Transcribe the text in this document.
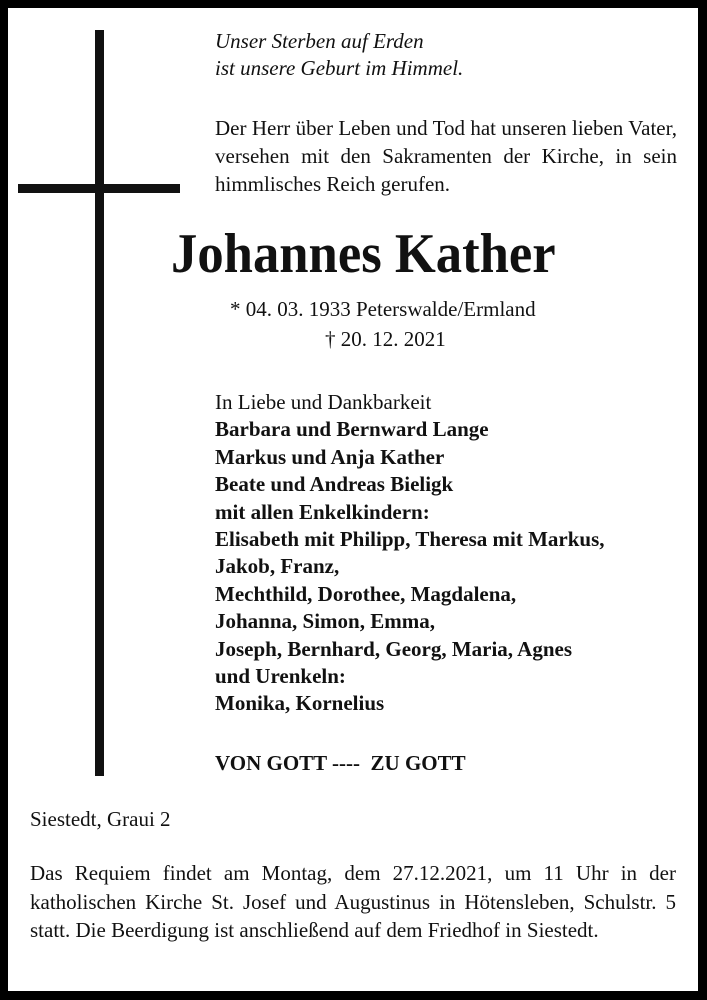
Unser Sterben auf Erden
ist unsere Geburt im Himmel.
Der Herr über Leben und Tod hat unseren lieben Vater, versehen mit den Sakramenten der Kirche, in sein himmlisches Reich gerufen.
Johannes Kather
* 04. 03. 1933 Peterswalde/Ermland
† 20. 12. 2021
In Liebe und Dankbarkeit
Barbara und Bernward Lange
Markus und Anja Kather
Beate und Andreas Bieligk
mit allen Enkelkindern:
Elisabeth mit Philipp, Theresa mit Markus,
Jakob, Franz,
Mechthild, Dorothee, Magdalena,
Johanna, Simon, Emma,
Joseph, Bernhard, Georg, Maria, Agnes
und Urenkeln:
Monika, Kornelius
VON GOTT ----  ZU GOTT
Siestedt, Graui 2
Das Requiem findet am Montag, dem 27.12.2021, um 11 Uhr in der katholischen Kirche St. Josef und Augustinus in Hötensleben, Schulstr. 5 statt. Die Beerdigung ist anschließend auf dem Friedhof in Siestedt.
